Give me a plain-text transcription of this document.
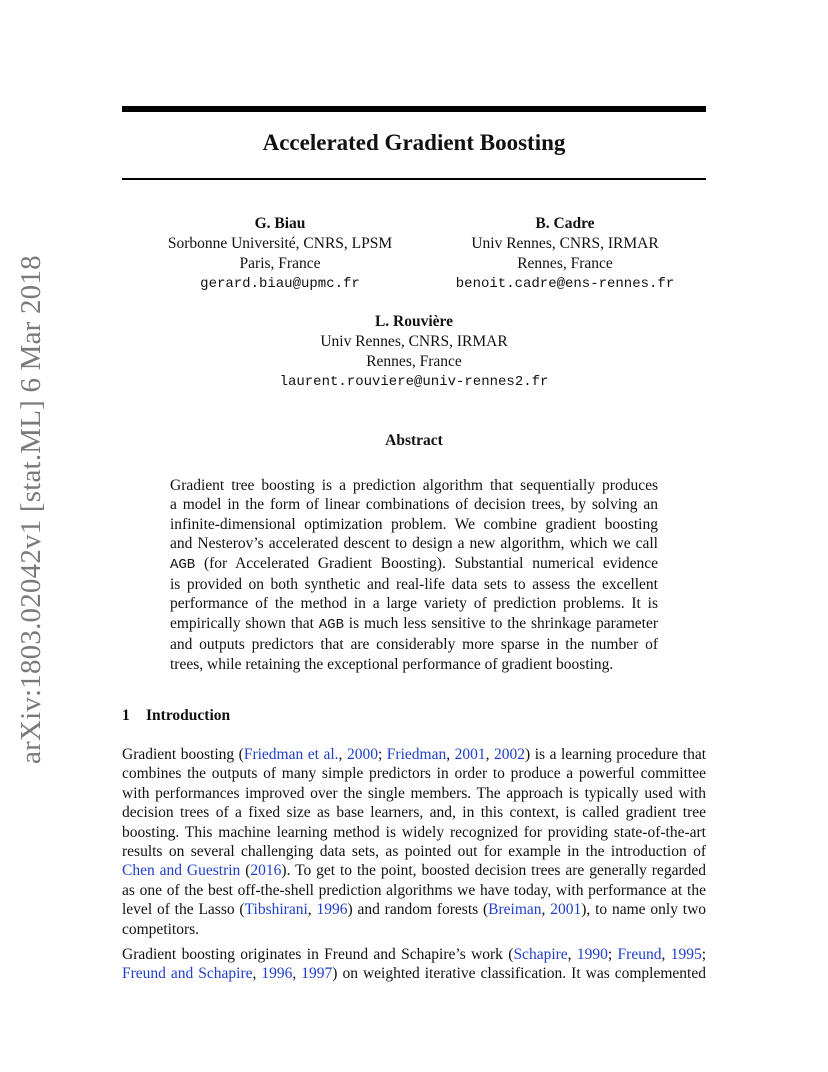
arXiv:1803.02042v1 [stat.ML] 6 Mar 2018
Accelerated Gradient Boosting
G. Biau
Sorbonne Université, CNRS, LPSM
Paris, France
gerard.biau@upmc.fr
B. Cadre
Univ Rennes, CNRS, IRMAR
Rennes, France
benoit.cadre@ens-rennes.fr
L. Rouvière
Univ Rennes, CNRS, IRMAR
Rennes, France
laurent.rouviere@univ-rennes2.fr
Abstract
Gradient tree boosting is a prediction algorithm that sequentially produces
a model in the form of linear combinations of decision trees, by solving an
infinite-dimensional optimization problem. We combine gradient boosting
and Nesterov’s accelerated descent to design a new algorithm, which we call
AGB (for Accelerated Gradient Boosting). Substantial numerical evidence
is provided on both synthetic and real-life data sets to assess the excellent
performance of the method in a large variety of prediction problems. It is
empirically shown that AGB is much less sensitive to the shrinkage parameter
and outputs predictors that are considerably more sparse in the number of
trees, while retaining the exceptional performance of gradient boosting.
1 Introduction

Gradient boosting (Friedman et al., 2000; Friedman, 2001, 2002) is a learning procedure that
combines the outputs of many simple predictors in order to produce a powerful committee
with performances improved over the single members. The approach is typically used with
decision trees of a fixed size as base learners, and, in this context, is called gradient tree
boosting. This machine learning method is widely recognized for providing state-of-the-art
results on several challenging data sets, as pointed out for example in the introduction of
Chen and Guestrin (2016). To get to the point, boosted decision trees are generally regarded
as one of the best off-the-shell prediction algorithms we have today, with performance at the
level of the Lasso (Tibshirani, 1996) and random forests (Breiman, 2001), to name only two
competitors.

Gradient boosting originates in Freund and Schapire’s work (Schapire, 1990; Freund, 1995;
Freund and Schapire, 1996, 1997) on weighted iterative classification. It was complemented
